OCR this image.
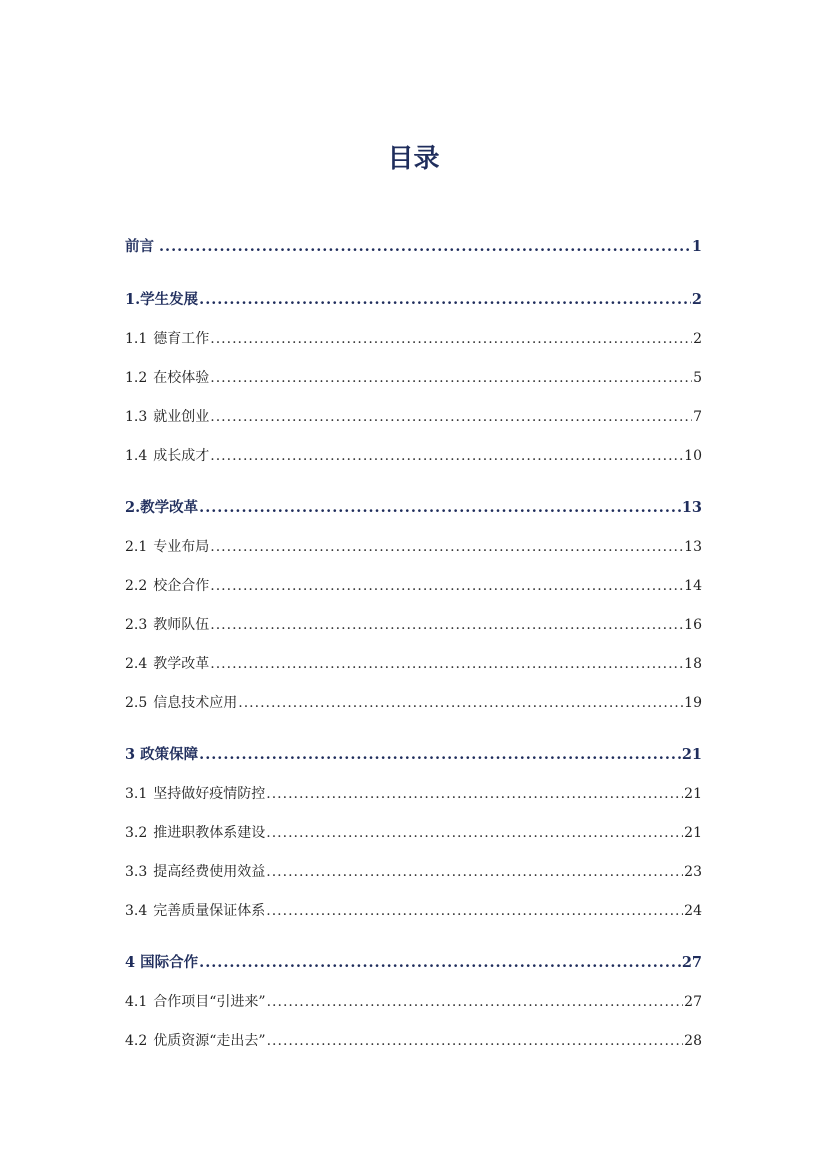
目录
前言 .....	1
1. 学生发展 .....	2
1.1 德育工作 .....	2
1.2 在校体验 .....	5
1.3 就业创业 .....	7
1.4 成长成才 .....	10
2. 教学改革 .....	13
2.1 专业布局 .....	13
2.2 校企合作 .....	14
2.3 教师队伍 .....	16
2.4 教学改革 .....	18
2.5 信息技术应用 .....	19
3 政策保障 .....	21
3.1 坚持做好疫情防控 .....	21
3.2 推进职教体系建设 .....	21
3.3 提高经费使用效益 .....	23
3.4 完善质量保证体系 .....	24
4 国际合作 .....	27
4.1 合作项目“引进来” .....	27
4.2 优质资源“走出去” .....	28
